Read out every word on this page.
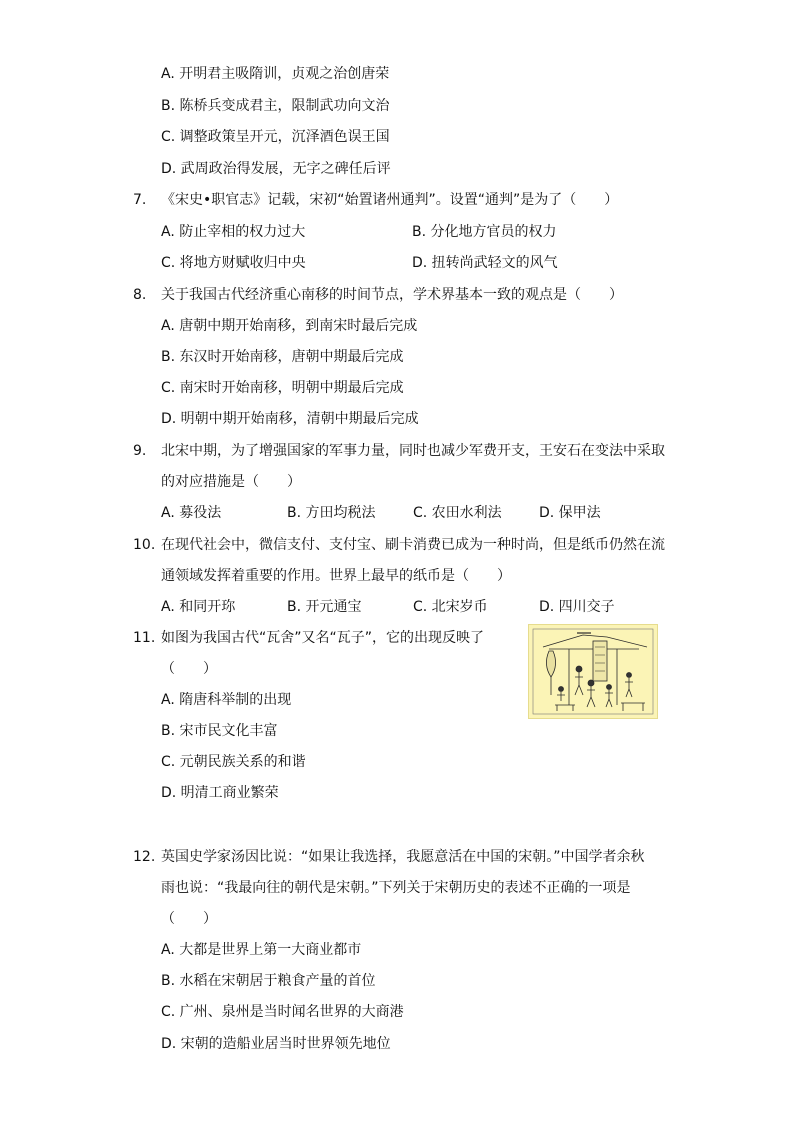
A. 开明君主吸隋训，贞观之治创唐荣
B. 陈桥兵变成君主，限制武功向文治
C. 调整政策呈开元，沉泽酒色误王国
D. 武周政治得发展，无字之碑任后评
7. 《宋史•职官志》记载，宋初“始置诸州通判”。设置“通判”是为了（　　）
A. 防止宰相的权力过大	B. 分化地方官员的权力
C. 将地方财赋收归中央	D. 扭转尚武轻文的风气
8. 关于我国古代经济重心南移的时间节点，学术界基本一致的观点是（　　）
A. 唐朝中期开始南移，到南宋时最后完成
B. 东汉时开始南移，唐朝中期最后完成
C. 南宋时开始南移，明朝中期最后完成
D. 明朝中期开始南移，清朝中期最后完成
9. 北宋中期，为了增强国家的军事力量，同时也减少军费开支，王安石在变法中采取
的对应措施是（　　）
A. 募役法	B. 方田均税法	C. 农田水利法	D. 保甲法
10. 在现代社会中，微信支付、支付宝、刷卡消费已成为一种时尚，但是纸币仍然在流
通领域发挥着重要的作用。世界上最早的纸币是（　　）
A. 和同开珎	B. 开元通宝	C. 北宋岁币	D. 四川交子
11. 如图为我国古代“瓦舍”又名“瓦子”，它的出现反映了
（　　）
A. 隋唐科举制的出现
B. 宋市民文化丰富
C. 元朝民族关系的和谐
D. 明清工商业繁荣
12. 英国史学家汤因比说：“如果让我选择，我愿意活在中国的宋朝。”中国学者余秋
雨也说：“我最向往的朝代是宋朝。”下列关于宋朝历史的表述不正确的一项是
（　　）
A. 大都是世界上第一大商业都市
B. 水稻在宋朝居于粮食产量的首位
C. 广州、泉州是当时闻名世界的大商港
D. 宋朝的造船业居当时世界领先地位
